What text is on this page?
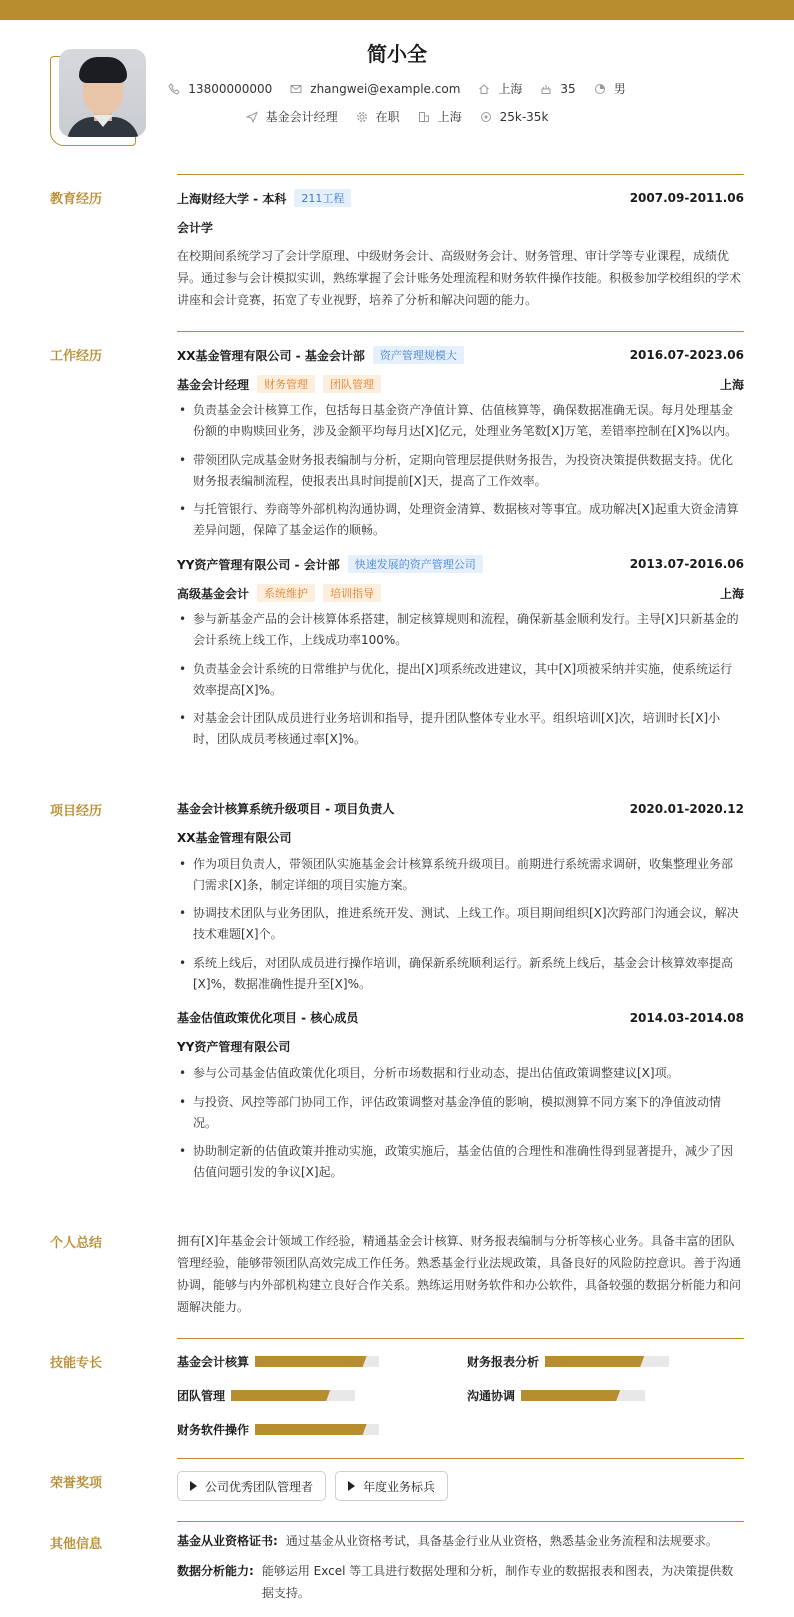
简小全
13800000000	zhangwei@example.com	上海	35	男
基金会计经理	在职	上海	25k-35k
教育经历	上海财经大学 - 本科	211工程	2007.09-2011.06
会计学
在校期间系统学习了会计学原理、中级财务会计、高级财务会计、财务管理、审计学等专业课程，成绩优异。通过参与会计模拟实训，熟练掌握了会计账务处理流程和财务软件操作技能。积极参加学校组织的学术讲座和会计竞赛，拓宽了专业视野，培养了分析和解决问题的能力。
工作经历	XX基金管理有限公司 - 基金会计部	资产管理规模大	2016.07-2023.06
基金会计经理	财务管理	团队管理	上海
• 负责基金会计核算工作，包括每日基金资产净值计算、估值核算等，确保数据准确无误。每月处理基金份额的申购赎回业务，涉及金额平均每月达[X]亿元，处理业务笔数[X]万笔，差错率控制在[X]%以内。
• 带领团队完成基金财务报表编制与分析，定期向管理层提供财务报告，为投资决策提供数据支持。优化财务报表编制流程，使报表出具时间提前[X]天，提高了工作效率。
• 与托管银行、券商等外部机构沟通协调，处理资金清算、数据核对等事宜。成功解决[X]起重大资金清算差异问题，保障了基金运作的顺畅。
YY资产管理有限公司 - 会计部	快速发展的资产管理公司	2013.07-2016.06
高级基金会计	系统维护	培训指导	上海
• 参与新基金产品的会计核算体系搭建，制定核算规则和流程，确保新基金顺利发行。主导[X]只新基金的会计系统上线工作，上线成功率100%。
• 负责基金会计系统的日常维护与优化，提出[X]项系统改进建议，其中[X]项被采纳并实施，使系统运行效率提高[X]%。
• 对基金会计团队成员进行业务培训和指导，提升团队整体专业水平。组织培训[X]次，培训时长[X]小时，团队成员考核通过率[X]%。
项目经历	基金会计核算系统升级项目 - 项目负责人	2020.01-2020.12
XX基金管理有限公司
• 作为项目负责人，带领团队实施基金会计核算系统升级项目。前期进行系统需求调研，收集整理业务部门需求[X]条，制定详细的项目实施方案。
• 协调技术团队与业务团队，推进系统开发、测试、上线工作。项目期间组织[X]次跨部门沟通会议，解决技术难题[X]个。
• 系统上线后，对团队成员进行操作培训，确保新系统顺利运行。新系统上线后，基金会计核算效率提高[X]%，数据准确性提升至[X]%。
基金估值政策优化项目 - 核心成员	2014.03-2014.08
YY资产管理有限公司
• 参与公司基金估值政策优化项目，分析市场数据和行业动态，提出估值政策调整建议[X]项。
• 与投资、风控等部门协同工作，评估政策调整对基金净值的影响，模拟测算不同方案下的净值波动情况。
• 协助制定新的估值政策并推动实施，政策实施后，基金估值的合理性和准确性得到显著提升，减少了因估值问题引发的争议[X]起。
个人总结	拥有[X]年基金会计领域工作经验，精通基金会计核算、财务报表编制与分析等核心业务。具备丰富的团队管理经验，能够带领团队高效完成工作任务。熟悉基金行业法规政策，具备良好的风险防控意识。善于沟通协调，能够与内外部机构建立良好合作关系。熟练运用财务软件和办公软件，具备较强的数据分析能力和问题解决能力。
技能专长	基金会计核算	财务报表分析
团队管理	沟通协调
财务软件操作
荣誉奖项	公司优秀团队管理者	年度业务标兵
其他信息	基金从业资格证书: 通过基金从业资格考试，具备基金行业从业资格，熟悉基金业务流程和法规要求。
数据分析能力: 能够运用 Excel 等工具进行数据处理和分析，制作专业的数据报表和图表，为决策提供数据支持。
